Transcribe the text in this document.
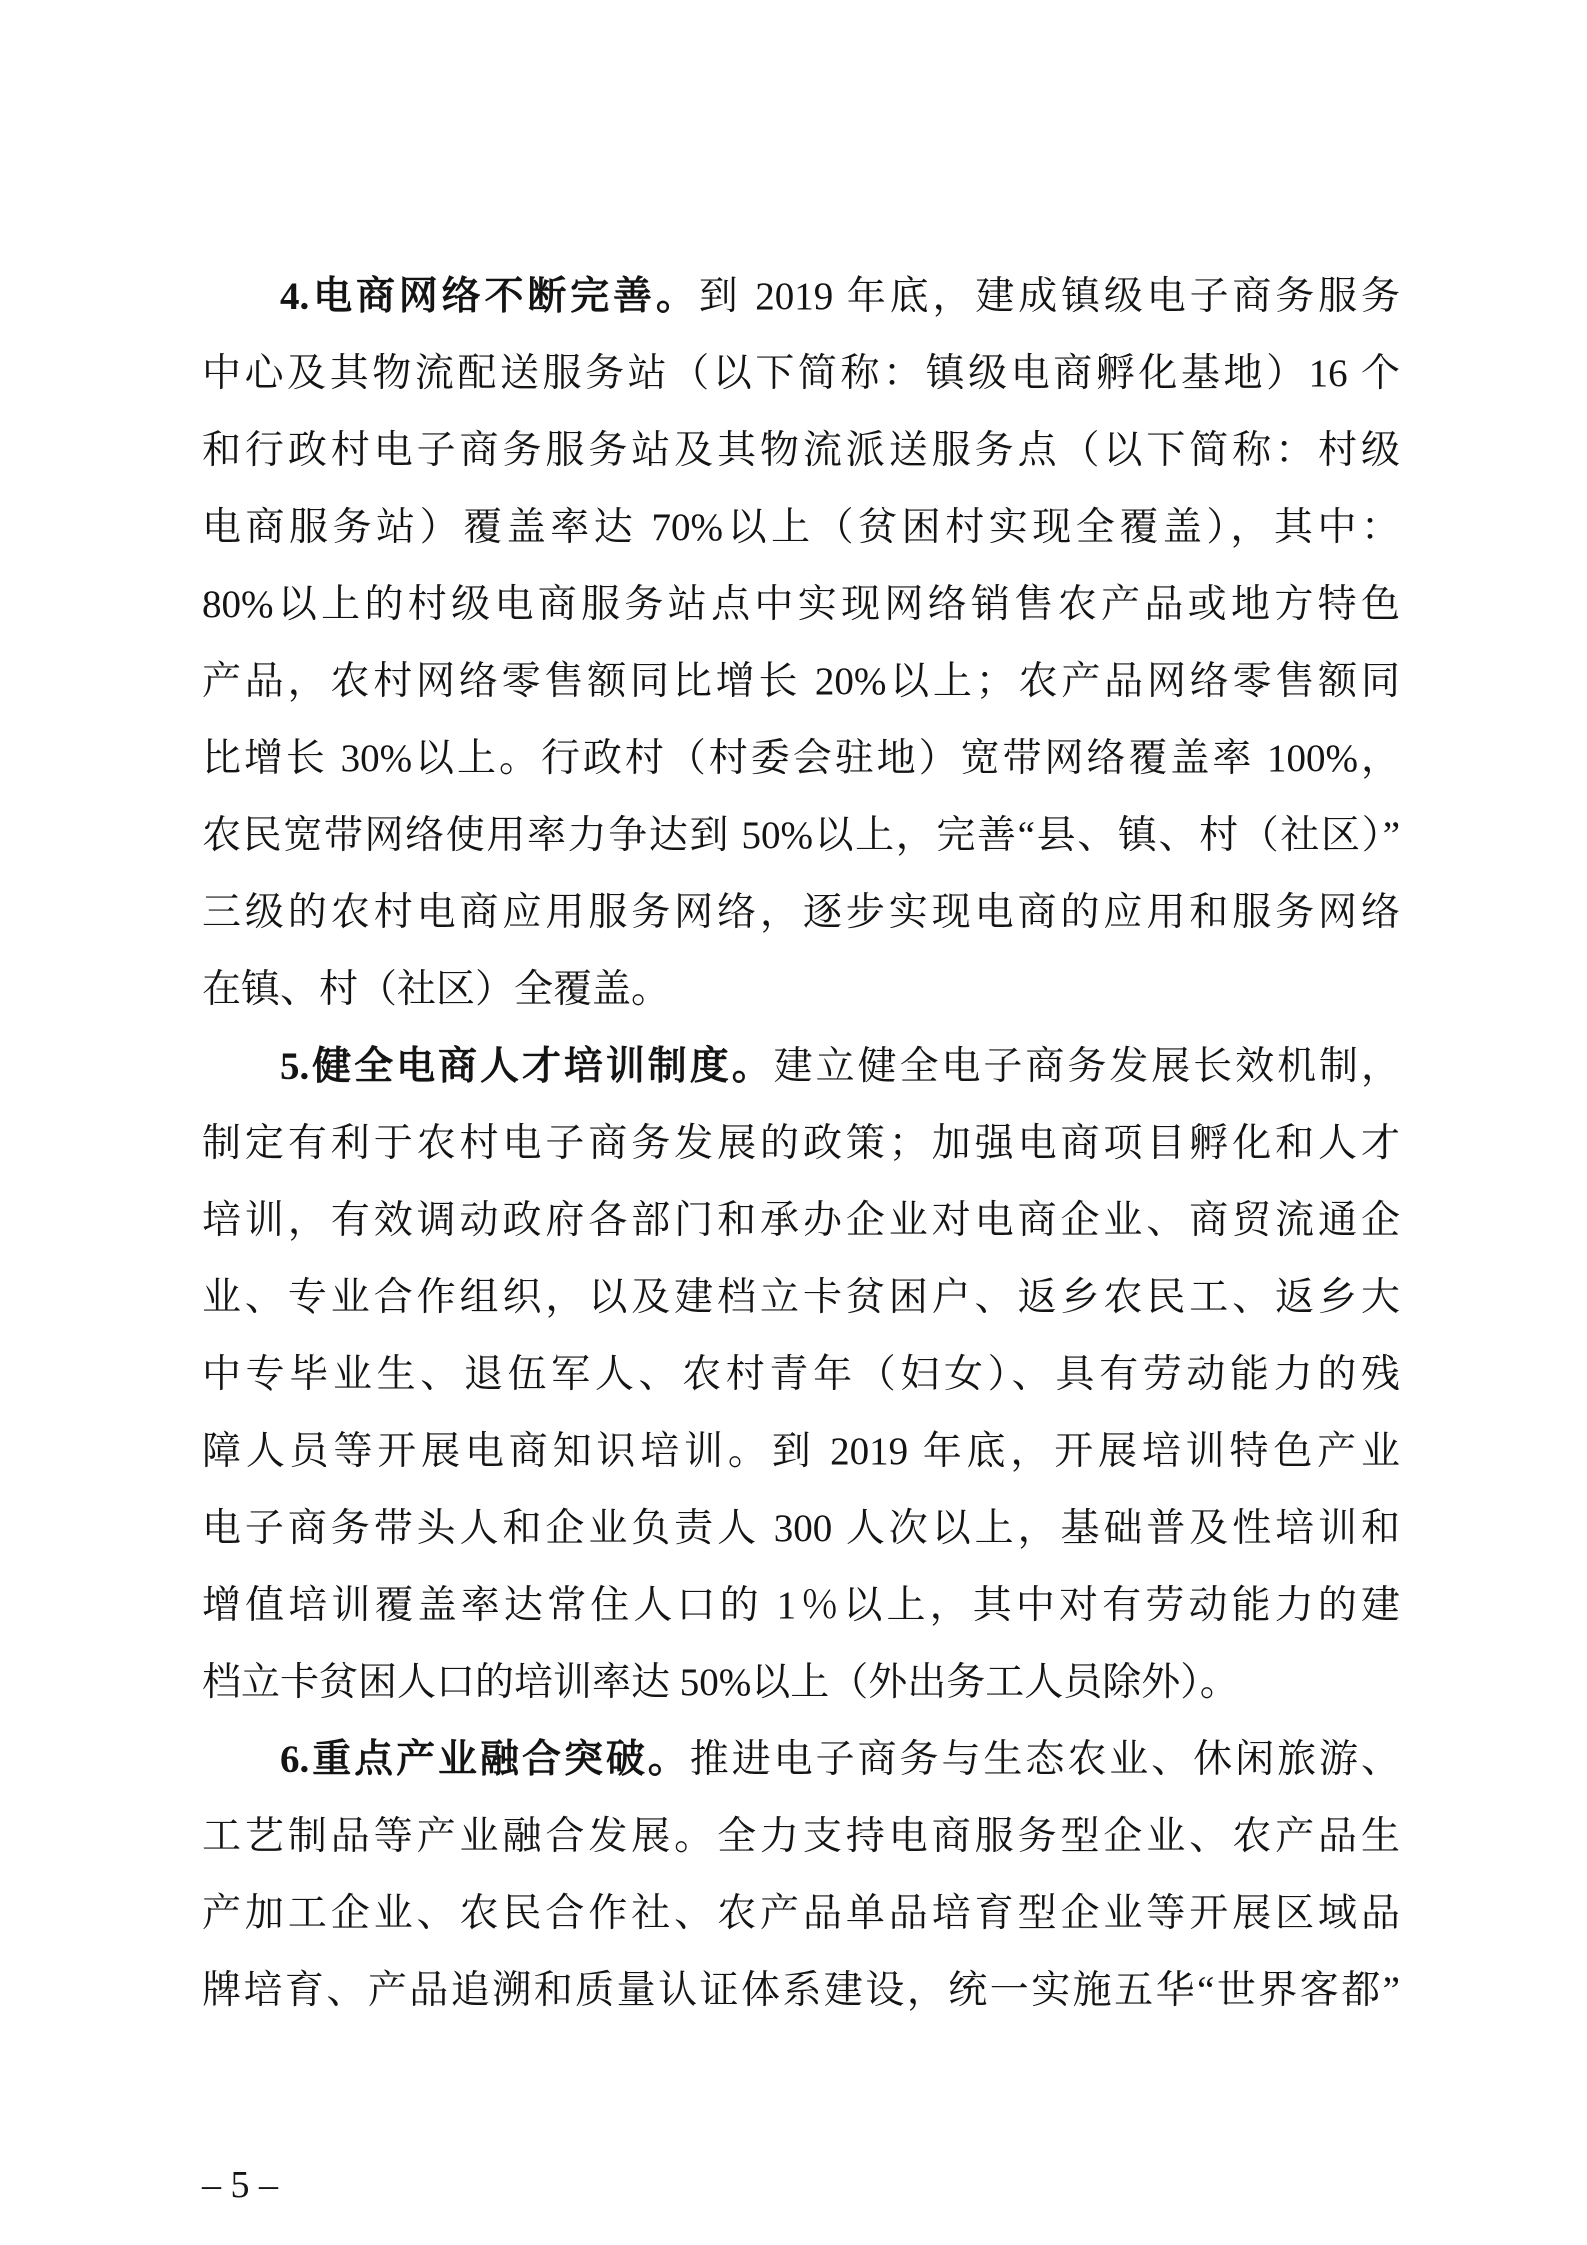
4.电商网络不断完善。到 2019 年底，建成镇级电子商务服务
中心及其物流配送服务站（以下简称：镇级电商孵化基地）16 个
和行政村电子商务服务站及其物流派送服务点（以下简称：村级
电商服务站）覆盖率达 70%以上（贫困村实现全覆盖），其中：
80%以上的村级电商服务站点中实现网络销售农产品或地方特色
产品，农村网络零售额同比增长 20%以上；农产品网络零售额同
比增长 30%以上。行政村（村委会驻地）宽带网络覆盖率 100%，
农民宽带网络使用率力争达到 50%以上，完善“县、镇、村（社区）”
三级的农村电商应用服务网络，逐步实现电商的应用和服务网络
在镇、村（社区）全覆盖。
5.健全电商人才培训制度。建立健全电子商务发展长效机制，
制定有利于农村电子商务发展的政策；加强电商项目孵化和人才
培训，有效调动政府各部门和承办企业对电商企业、商贸流通企
业、专业合作组织，以及建档立卡贫困户、返乡农民工、返乡大
中专毕业生、退伍军人、农村青年（妇女）、具有劳动能力的残
障人员等开展电商知识培训。到 2019 年底，开展培训特色产业
电子商务带头人和企业负责人 300 人次以上，基础普及性培训和
增值培训覆盖率达常住人口的 1％以上，其中对有劳动能力的建
档立卡贫困人口的培训率达 50%以上（外出务工人员除外）。
6.重点产业融合突破。推进电子商务与生态农业、休闲旅游、
工艺制品等产业融合发展。全力支持电商服务型企业、农产品生
产加工企业、农民合作社、农产品单品培育型企业等开展区域品
牌培育、产品追溯和质量认证体系建设，统一实施五华“世界客都”
– 5 –
